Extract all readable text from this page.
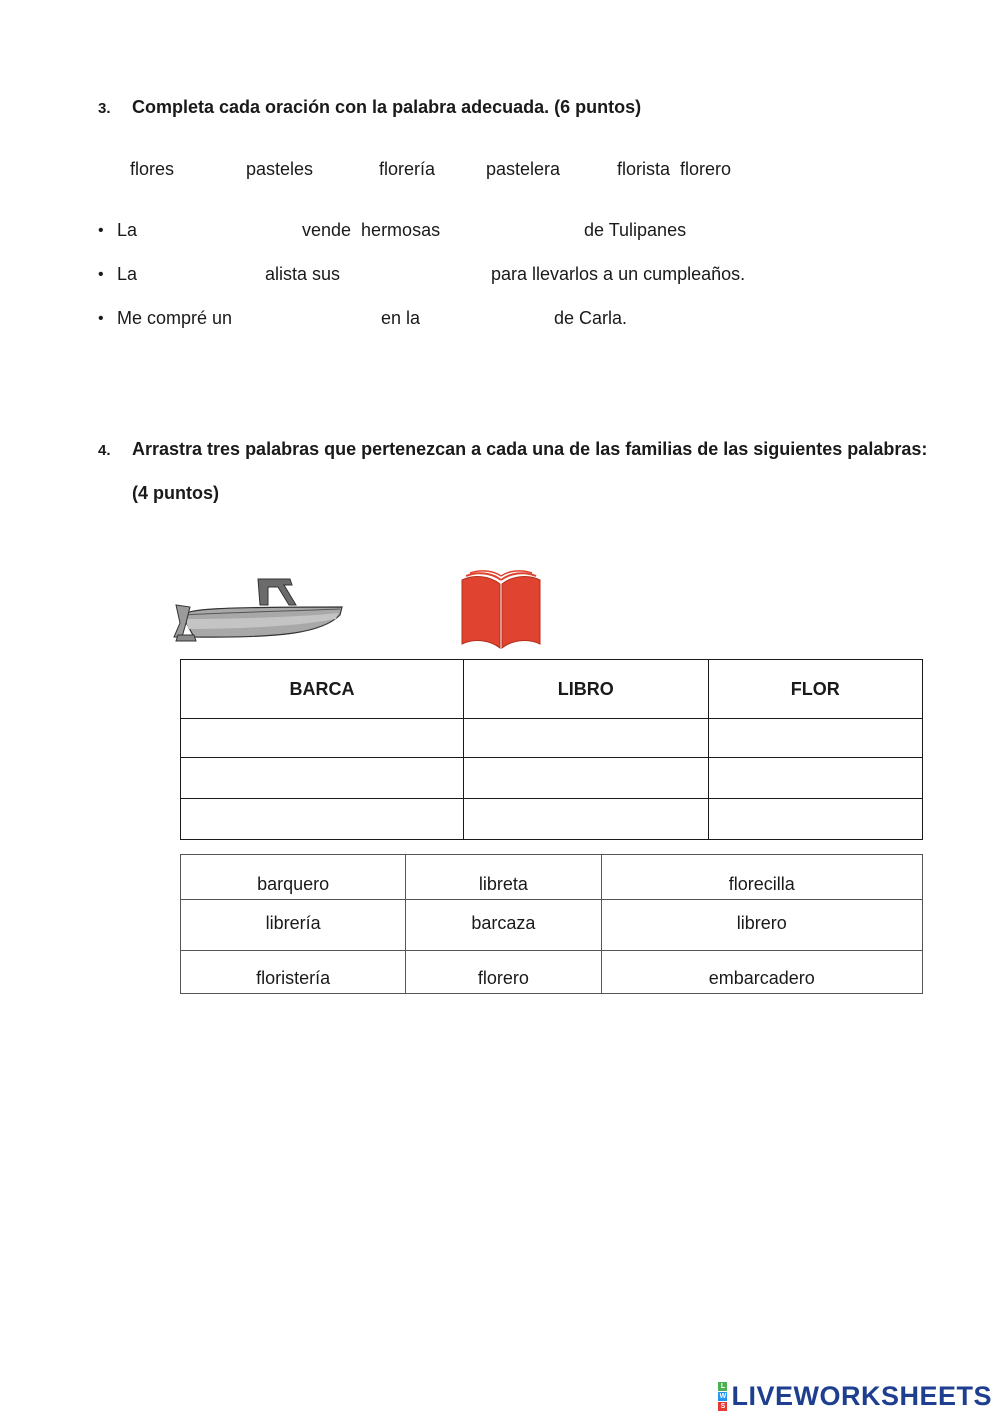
3. Completa cada oración con la palabra adecuada. (6 puntos)
flores	pasteles	florería	pastelera	florista  florero
• La	vende  hermosas	de Tulipanes
• La	alista sus	para llevarlos a un cumpleaños.
• Me compré un	en la	de Carla.
4. Arrastra tres palabras que pertenezcan a cada una de las familias de las siguientes palabras:
(4 puntos)
BARCA	LIBRO	FLOR

barquero	libreta	florecilla
librería	barcaza	librero
floristería	florero	embarcadero
L
W
S LIVEWORKSHEETS
